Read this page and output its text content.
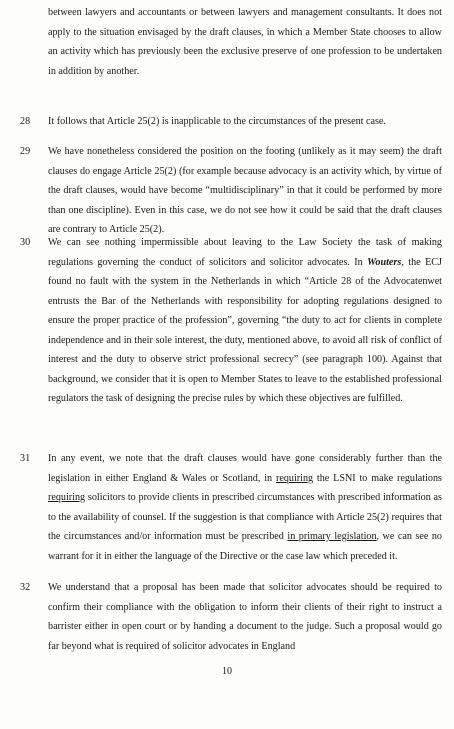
between lawyers and accountants or between lawyers and management consultants. It does not apply to the situation envisaged by the draft clauses, in which a Member State chooses to allow an activity which has previously been the exclusive preserve of one profession to be undertaken in addition by another.
28 It follows that Article 25(2) is inapplicable to the circumstances of the present case.
29 We have nonetheless considered the position on the footing (unlikely as it may seem) the draft clauses do engage Article 25(2) (for example because advocacy is an activity which, by virtue of the draft clauses, would have become “multidisciplinary” in that it could be performed by more than one discipline). Even in this case, we do not see how it could be said that the draft clauses are contrary to Article 25(2).
30 We can see nothing impermissible about leaving to the Law Society the task of making regulations governing the conduct of solicitors and solicitor advocates. In Wouters, the ECJ found no fault with the system in the Netherlands in which “Article 28 of the Advocatenwet entrusts the Bar of the Netherlands with responsibility for adopting regulations designed to ensure the proper practice of the profession”, governing “the duty to act for clients in complete independence and in their sole interest, the duty, mentioned above, to avoid all risk of conflict of interest and the duty to observe strict professional secrecy” (see paragraph 100). Against that background, we consider that it is open to Member States to leave to the established professional regulators the task of designing the precise rules by which these objectives are fulfilled.
31 In any event, we note that the draft clauses would have gone considerably further than the legislation in either England & Wales or Scotland, in requiring the LSNI to make regulations requiring solicitors to provide clients in prescribed circumstances with prescribed information as to the availability of counsel. If the suggestion is that compliance with Article 25(2) requires that the circumstances and/or information must be prescribed in primary legislation, we can see no warrant for it in either the language of the Directive or the case law which preceded it.
32 We understand that a proposal has been made that solicitor advocates should be required to confirm their compliance with the obligation to inform their clients of their right to instruct a barrister either in open court or by handing a document to the judge. Such a proposal would go far beyond what is required of solicitor advocates in England
10
